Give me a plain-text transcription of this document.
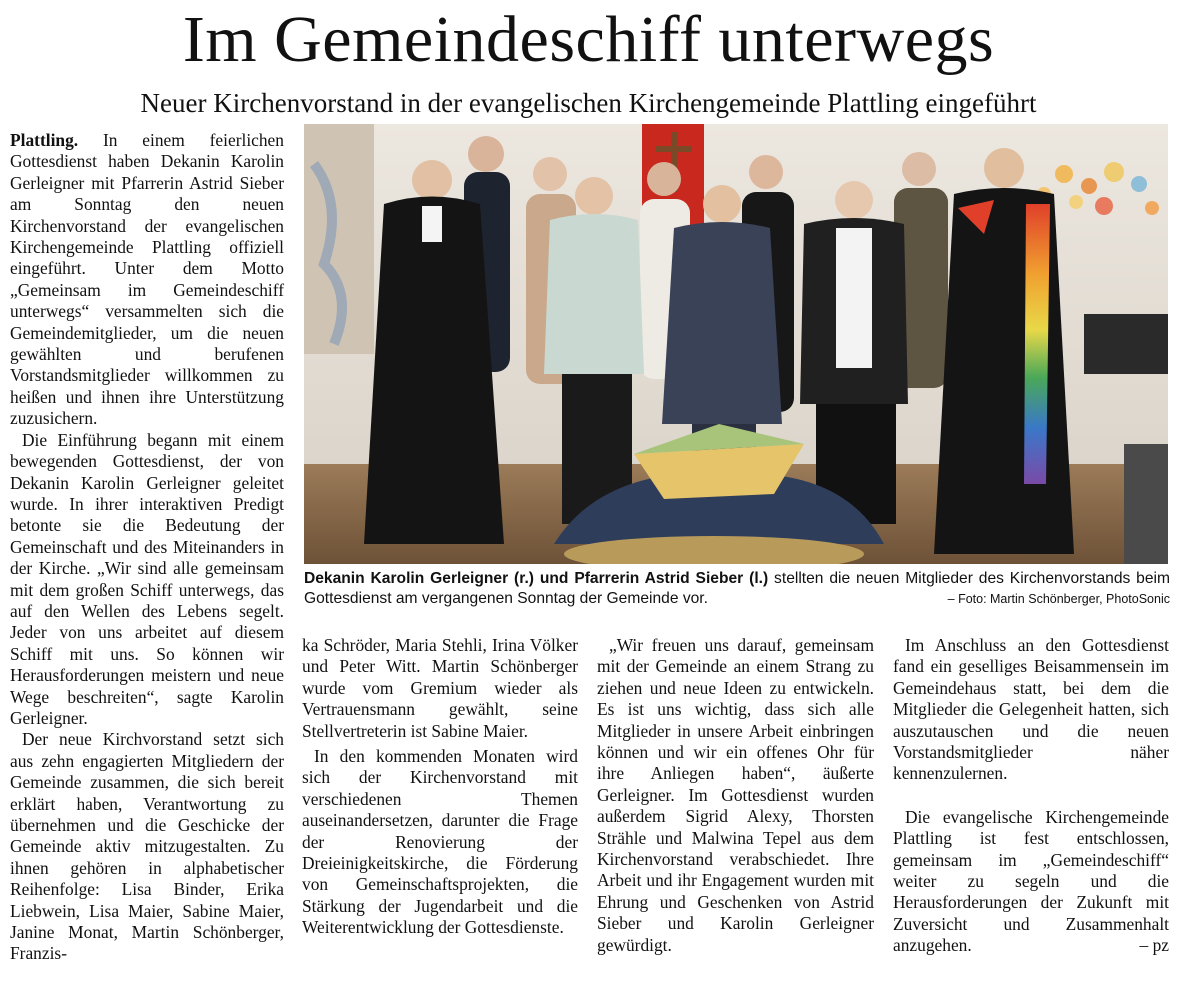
Im Gemeindeschiff unterwegs
Neuer Kirchenvorstand in der evangelischen Kirchengemeinde Plattling eingeführt

Plattling. In einem feierlichen Gottesdienst haben Dekanin Karolin Gerleigner mit Pfarrerin Astrid Sieber am Sonntag den neuen Kirchenvorstand der evangelischen Kirchengemeinde Plattling offiziell eingeführt. Unter dem Motto „Gemeinsam im Gemeindeschiff unterwegs“ versammelten sich die Gemeindemitglieder, um die neuen gewählten und berufenen Vorstandsmitglieder willkommen zu heißen und ihnen ihre Unterstützung zuzusichern.

Die Einführung begann mit einem bewegenden Gottesdienst, der von Dekanin Karolin Gerleigner geleitet wurde. In ihrer interaktiven Predigt betonte sie die Bedeutung der Gemeinschaft und des Miteinanders in der Kirche. „Wir sind alle gemeinsam mit dem großen Schiff unterwegs, das auf den Wellen des Lebens segelt. Jeder von uns arbeitet auf diesem Schiff mit uns. So können wir Herausforderungen meistern und neue Wege beschreiten“, sagte Karolin Gerleigner.

Der neue Kirchvorstand setzt sich aus zehn engagierten Mitgliedern der Gemeinde zusammen, die sich bereit erklärt haben, Verantwortung zu übernehmen und die Geschicke der Gemeinde aktiv mitzugestalten. Zu ihnen gehören in alphabetischer Reihenfolge: Lisa Binder, Erika Liebwein, Lisa Maier, Sabine Maier, Janine Monat, Martin Schönberger, Franzis-

Dekanin Karolin Gerleigner (r.) und Pfarrerin Astrid Sieber (l.) stellten die neuen Mitglieder des Kirchenvorstands beim Gottesdienst am vergangenen Sonntag der Gemeinde vor.	– Foto: Martin Schönberger, PhotoSonic

ka Schröder, Maria Stehli, Irina Völker und Peter Witt. Martin Schönberger wurde vom Gremium wieder als Vertrauensmann gewählt, seine Stellvertreterin ist Sabine Maier.

In den kommenden Monaten wird sich der Kirchenvorstand mit verschiedenen Themen auseinandersetzen, darunter die Frage der Renovierung der Dreieinigkeitskirche, die Förderung von Gemeinschaftsprojekten, die Stärkung der Jugendarbeit und die Weiterentwicklung der Gottesdienste.

„Wir freuen uns darauf, gemeinsam mit der Gemeinde an einem Strang zu ziehen und neue Ideen zu entwickeln. Es ist uns wichtig, dass sich alle Mitglieder in unsere Arbeit einbringen können und wir ein offenes Ohr für ihre Anliegen haben“, äußerte Gerleigner. Im Gottesdienst wurden außerdem Sigrid Alexy, Thorsten Strähle und Malwina Tepel aus dem Kirchenvorstand verabschiedet. Ihre Arbeit und ihr Engagement wurden mit Ehrung und Geschenken von Astrid Sieber und Karolin Gerleigner gewürdigt.

Im Anschluss an den Gottesdienst fand ein geselliges Beisammensein im Gemeindehaus statt, bei dem die Mitglieder die Gelegenheit hatten, sich auszutauschen und die neuen Vorstandsmitglieder näher kennenzulernen.

Die evangelische Kirchengemeinde Plattling ist fest entschlossen, gemeinsam im „Gemeindeschiff“ weiter zu segeln und die Herausforderungen der Zukunft mit Zuversicht und Zusammenhalt anzugehen.	– pz
